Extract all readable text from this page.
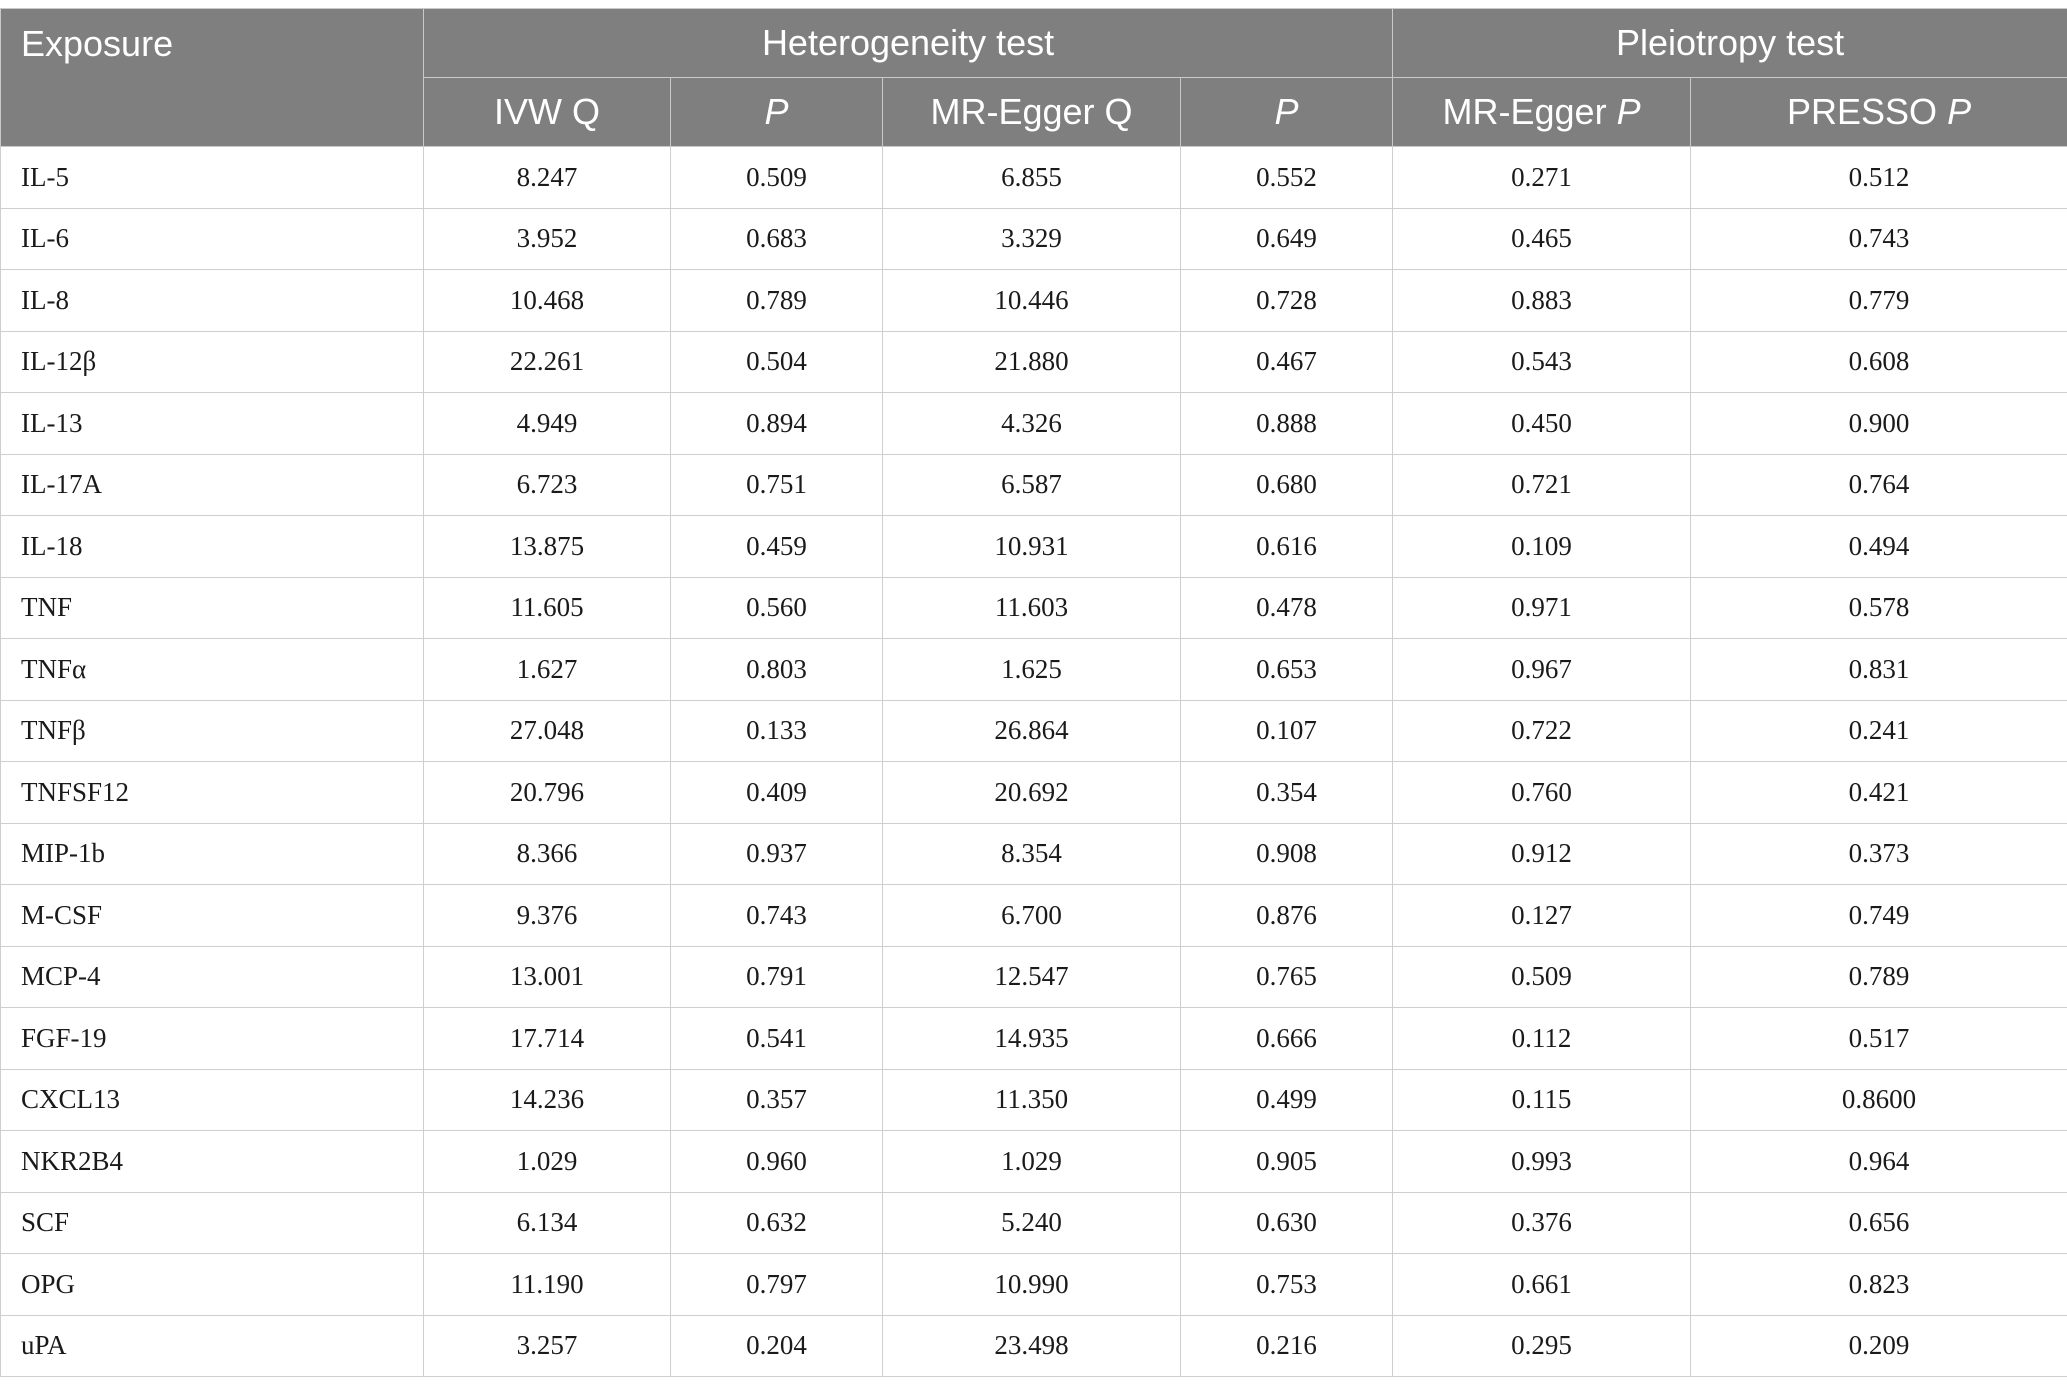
Exposure	Heterogeneity test				Pleiotropy test	
	IVW Q	P	MR-Egger Q	P	MR-Egger P	PRESSO P
IL-5	8.247	0.509	6.855	0.552	0.271	0.512
IL-6	3.952	0.683	3.329	0.649	0.465	0.743
IL-8	10.468	0.789	10.446	0.728	0.883	0.779
IL-12β	22.261	0.504	21.880	0.467	0.543	0.608
IL-13	4.949	0.894	4.326	0.888	0.450	0.900
IL-17A	6.723	0.751	6.587	0.680	0.721	0.764
IL-18	13.875	0.459	10.931	0.616	0.109	0.494
TNF	11.605	0.560	11.603	0.478	0.971	0.578
TNFα	1.627	0.803	1.625	0.653	0.967	0.831
TNFβ	27.048	0.133	26.864	0.107	0.722	0.241
TNFSF12	20.796	0.409	20.692	0.354	0.760	0.421
MIP-1b	8.366	0.937	8.354	0.908	0.912	0.373
M-CSF	9.376	0.743	6.700	0.876	0.127	0.749
MCP-4	13.001	0.791	12.547	0.765	0.509	0.789
FGF-19	17.714	0.541	14.935	0.666	0.112	0.517
CXCL13	14.236	0.357	11.350	0.499	0.115	0.8600
NKR2B4	1.029	0.960	1.029	0.905	0.993	0.964
SCF	6.134	0.632	5.240	0.630	0.376	0.656
OPG	11.190	0.797	10.990	0.753	0.661	0.823
uPA	3.257	0.204	23.498	0.216	0.295	0.209
